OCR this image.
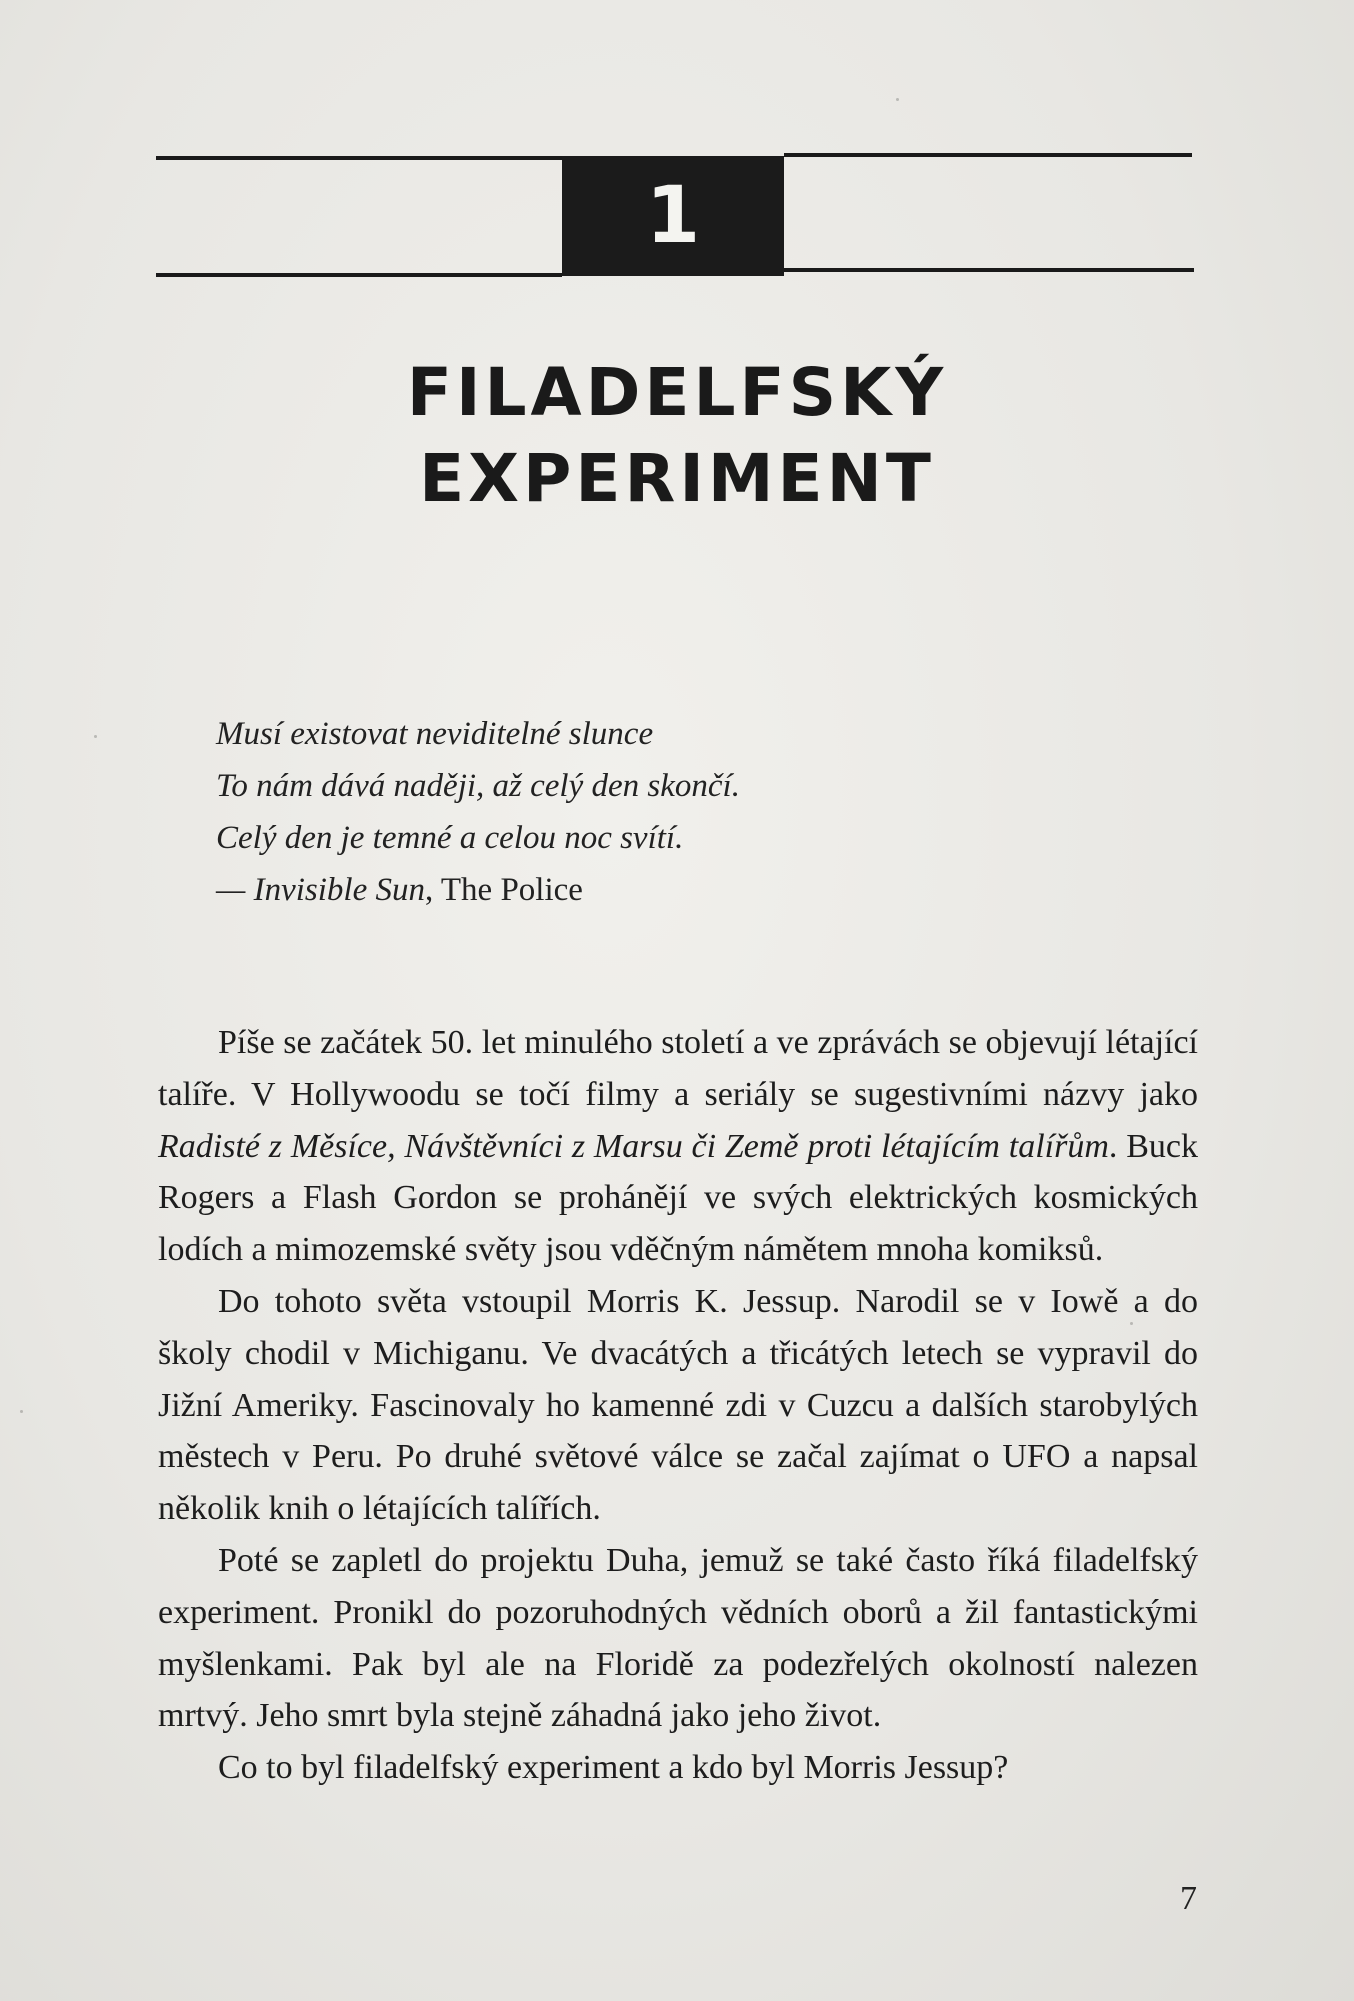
1
FILADELFSKÝ
EXPERIMENT
Musí existovat neviditelné slunce
To nám dává naději, až celý den skončí.
Celý den je temné a celou noc svítí.
— Invisible Sun, The Police

Píše se začátek 50. let minulého století a ve zprávách se objevují létající talíře. V Hollywoodu se točí filmy a seriály se sugestivními názvy jako Radisté z Měsíce, Návštěvníci z Marsu či Země proti létajícím talířům. Buck Rogers a Flash Gordon se prohánějí ve svých elektrických kosmických lodích a mimozemské světy jsou vděčným námětem mnoha komiksů.

Do tohoto světa vstoupil Morris K. Jessup. Narodil se v Iowě a do školy chodil v Michiganu. Ve dvacátých a třicátých letech se vypravil do Jižní Ameriky. Fascinovaly ho kamenné zdi v Cuzcu a dalších starobylých městech v Peru. Po druhé světové válce se začal zajímat o UFO a napsal několik knih o létajících talířích.

Poté se zapletl do projektu Duha, jemuž se také často říká filadelfský experiment. Pronikl do pozoruhodných vědních oborů a žil fantastickými myšlenkami. Pak byl ale na Floridě za podezřelých okolností nalezen mrtvý. Jeho smrt byla stejně záhadná jako jeho život.

Co to byl filadelfský experiment a kdo byl Morris Jessup?

7
